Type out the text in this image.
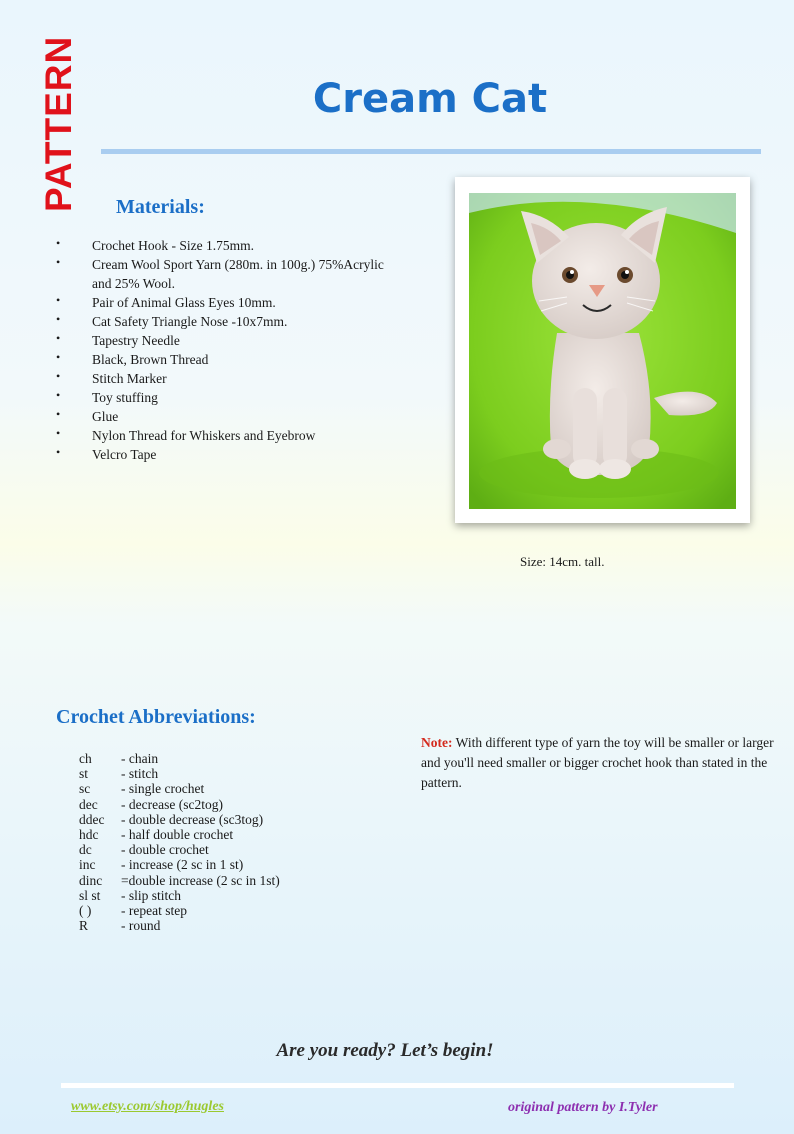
PATTERN	Cream Cat
Materials:
• Crochet Hook - Size 1.75mm.
• Cream Wool Sport Yarn (280m. in 100g.) 75%Acrylic and 25% Wool.
• Pair of Animal Glass Eyes 10mm.
• Cat Safety Triangle Nose -10x7mm.
• Tapestry Needle
• Black, Brown Thread
• Stitch Marker
• Toy stuffing
• Glue
• Nylon Thread for Whiskers and Eyebrow
• Velcro Tape
Size: 14cm. tall.
Crochet Abbreviations:
ch	- chain
st	- stitch
sc	- single crochet
dec	- decrease (sc2tog)
ddec	- double decrease (sc3tog)
hdc	- half double crochet
dc	- double crochet
inc	- increase (2 sc in 1 st)
dinc	=double increase (2 sc in 1st)
sl st	- slip stitch
( )	- repeat step
R	- round

Note: With different type of yarn the toy will be smaller or larger and you'll need smaller or bigger crochet hook than stated in the pattern.

Are you ready? Let’s begin!

www.etsy.com/shop/hugles	original pattern by I.Tyler
